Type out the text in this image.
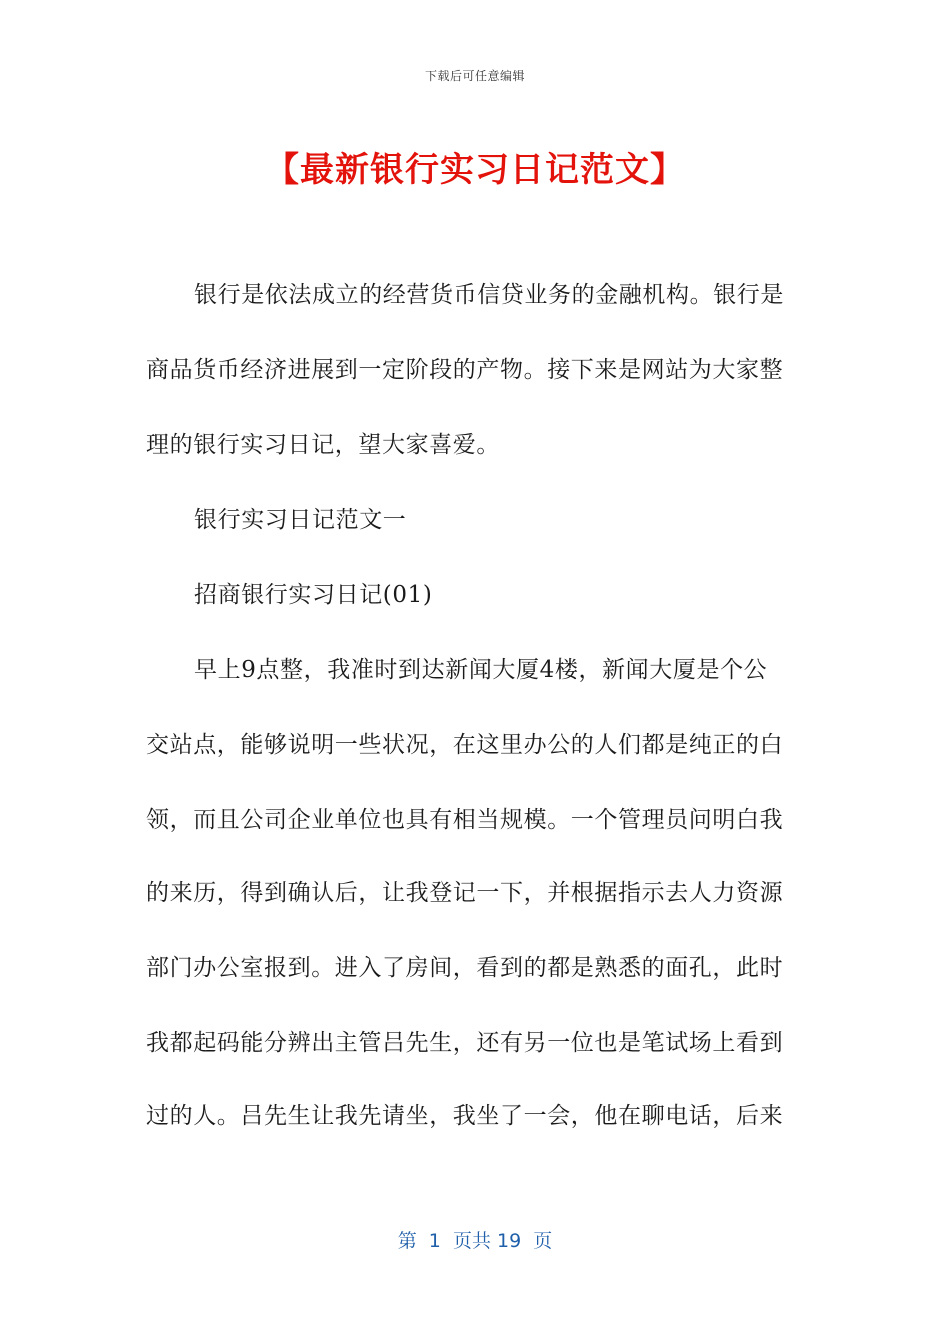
下载后可任意编辑
【最新银行实习日记范文】
银行是依法成立的经营货币信贷业务的金融机构。银行是
商品货币经济进展到一定阶段的产物。接下来是网站为大家整
理的银行实习日记，望大家喜爱。
银行实习日记范文一
招商银行实习日记(01)
早上9点整，我准时到达新闻大厦4楼，新闻大厦是个公
交站点，能够说明一些状况，在这里办公的人们都是纯正的白
领，而且公司企业单位也具有相当规模。一个管理员问明白我
的来历，得到确认后，让我登记一下，并根据指示去人力资源
部门办公室报到。进入了房间，看到的都是熟悉的面孔，此时
我都起码能分辨出主管吕先生，还有另一位也是笔试场上看到
过的人。吕先生让我先请坐，我坐了一会，他在聊电话，后来
第  1  页共 19  页
